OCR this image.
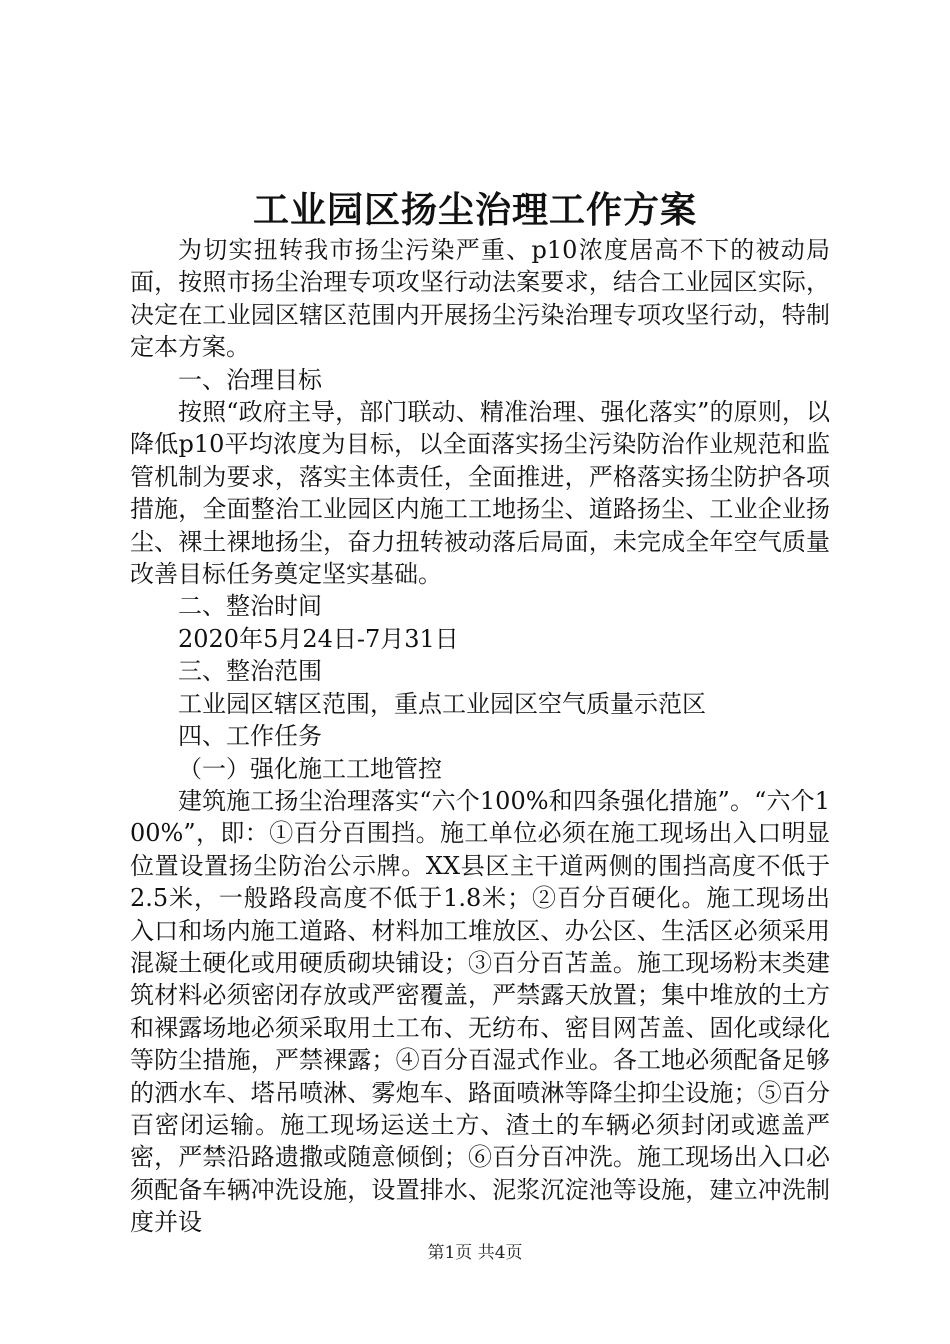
工业园区扬尘治理工作方案

为切实扭转我市扬尘污染严重、p10浓度居高不下的被动局面，按照市扬尘治理专项攻坚行动法案要求，结合工业园区实际，决定在工业园区辖区范围内开展扬尘污染治理专项攻坚行动，特制定本方案。

一、治理目标

按照“政府主导，部门联动、精准治理、强化落实”的原则，以降低p10平均浓度为目标，以全面落实扬尘污染防治作业规范和监管机制为要求，落实主体责任，全面推进，严格落实扬尘防护各项措施，全面整治工业园区内施工工地扬尘、道路扬尘、工业企业扬尘、裸土裸地扬尘，奋力扭转被动落后局面，未完成全年空气质量改善目标任务奠定坚实基础。

二、整治时间

2020年5月24日-7月31日

三、整治范围

工业园区辖区范围，重点工业园区空气质量示范区

四、工作任务

（一）强化施工工地管控

建筑施工扬尘治理落实“六个100%和四条强化措施”。“六个100%”，即：①百分百围挡。施工单位必须在施工现场出入口明显位置设置扬尘防治公示牌。XX县区主干道两侧的围挡高度不低于2.5米，一般路段高度不低于1.8米；②百分百硬化。施工现场出入口和场内施工道路、材料加工堆放区、办公区、生活区必须采用混凝土硬化或用硬质砌块铺设；③百分百苫盖。施工现场粉末类建筑材料必须密闭存放或严密覆盖，严禁露天放置；集中堆放的土方和裸露场地必须采取用土工布、无纺布、密目网苫盖、固化或绿化等防尘措施，严禁裸露；④百分百湿式作业。各工地必须配备足够的洒水车、塔吊喷淋、雾炮车、路面喷淋等降尘抑尘设施；⑤百分百密闭运输。施工现场运送土方、渣土的车辆必须封闭或遮盖严密，严禁沿路遗撒或随意倾倒；⑥百分百冲洗。施工现场出入口必须配备车辆冲洗设施，设置排水、泥浆沉淀池等设施，建立冲洗制度并设

第1页 共4页
